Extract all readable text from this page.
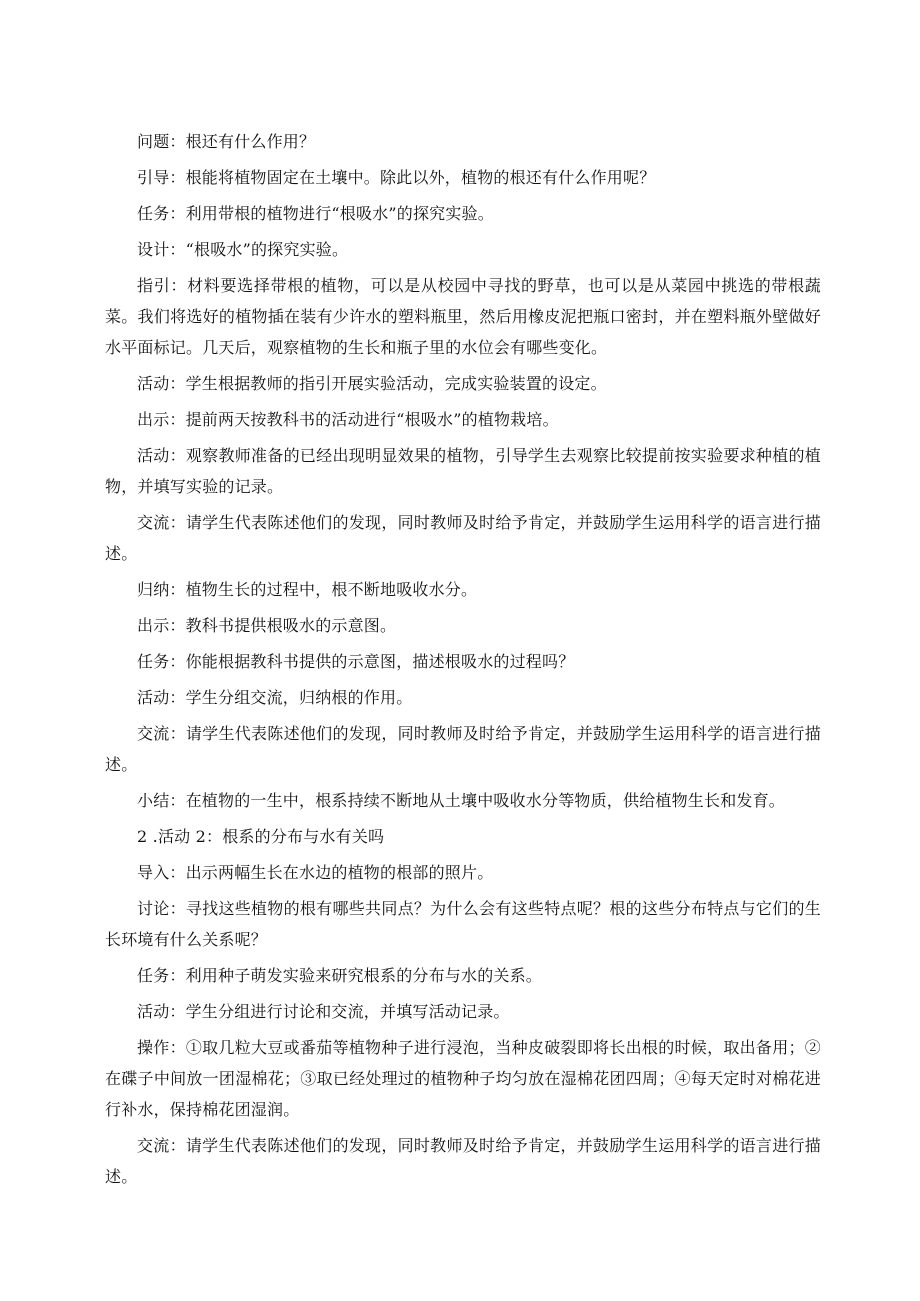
问题：根还有什么作用？

引导：根能将植物固定在土壤中。除此以外，植物的根还有什么作用呢？

任务：利用带根的植物进行“根吸水”的探究实验。

设计：“根吸水”的探究实验。

指引：材料要选择带根的植物，可以是从校园中寻找的野草，也可以是从菜园中挑选的带根蔬菜。我们将选好的植物插在装有少许水的塑料瓶里，然后用橡皮泥把瓶口密封，并在塑料瓶外壁做好水平面标记。几天后，观察植物的生长和瓶子里的水位会有哪些变化。

活动：学生根据教师的指引开展实验活动，完成实验装置的设定。

出示：提前两天按教科书的活动进行“根吸水”的植物栽培。

活动：观察教师准备的已经出现明显效果的植物，引导学生去观察比较提前按实验要求种植的植物，并填写实验的记录。

交流：请学生代表陈述他们的发现，同时教师及时给予肯定，并鼓励学生运用科学的语言进行描述。

归纳：植物生长的过程中，根不断地吸收水分。

出示：教科书提供根吸水的示意图。

任务：你能根据教科书提供的示意图，描述根吸水的过程吗？

活动：学生分组交流，归纳根的作用。

交流：请学生代表陈述他们的发现，同时教师及时给予肯定，并鼓励学生运用科学的语言进行描述。

小结：在植物的一生中，根系持续不断地从土壤中吸收水分等物质，供给植物生长和发育。

2 .活动 2：根系的分布与水有关吗

导入：出示两幅生长在水边的植物的根部的照片。

讨论：寻找这些植物的根有哪些共同点？为什么会有这些特点呢？根的这些分布特点与它们的生长环境有什么关系呢？

任务：利用种子萌发实验来研究根系的分布与水的关系。

活动：学生分组进行讨论和交流，并填写活动记录。

操作：①取几粒大豆或番茄等植物种子进行浸泡，当种皮破裂即将长出根的时候，取出备用；②在碟子中间放一团湿棉花；③取已经处理过的植物种子均匀放在湿棉花团四周；④每天定时对棉花进行补水，保持棉花团湿润。

交流：请学生代表陈述他们的发现，同时教师及时给予肯定，并鼓励学生运用科学的语言进行描述。
